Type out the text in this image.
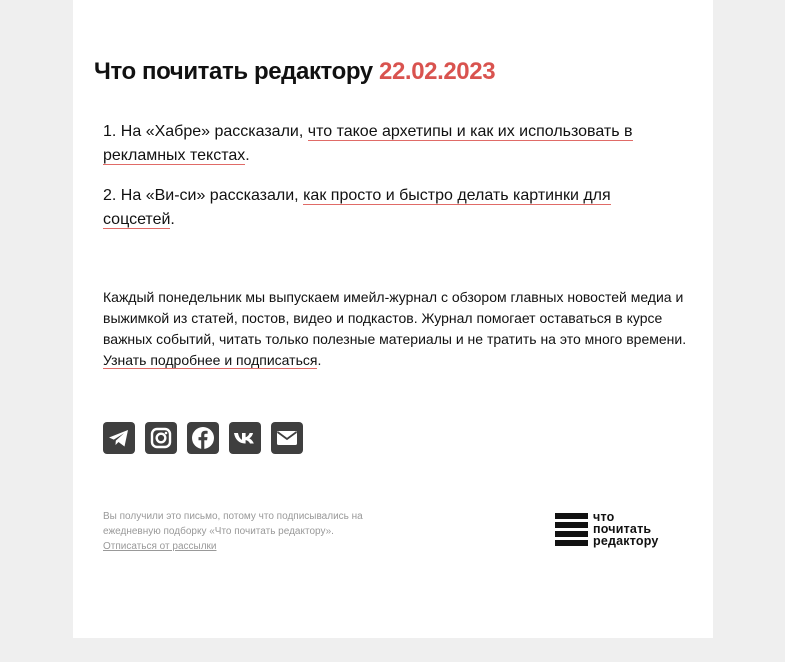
Что почитать редактору 22.02.2023

1. На «Хабре» рассказали, что такое архетипы и как их использовать в рекламных текстах.

2. На «Ви-си» рассказали, как просто и быстро делать картинки для соцсетей.

Каждый понедельник мы выпускаем имейл-журнал с обзором главных новостей медиа и выжимкой из статей, постов, видео и подкастов. Журнал помогает оставаться в курсе важных событий, читать только полезные материалы и не тратить на это много времени. Узнать подробнее и подписаться.

Вы получили это письмо, потому что подписывались на ежедневную подборку «Что почитать редактору».
Отписаться от рассылки
что
почитать
редактору
